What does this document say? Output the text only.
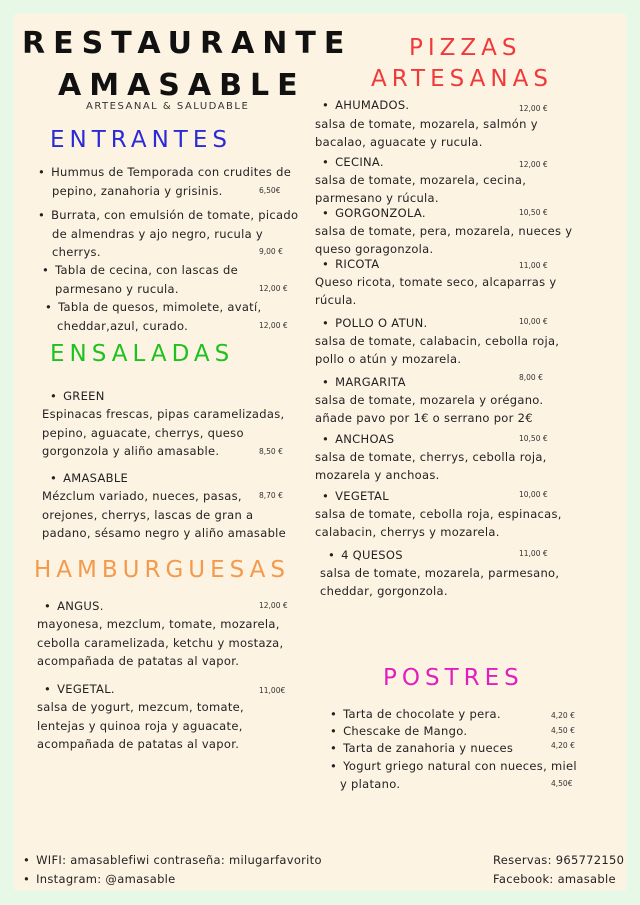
RESTAURANTE
AMASABLE
ARTESANAL & SALUDABLE
ENTRANTES
• Hummus de Temporada con crudites de
pepino, zanahoria y grisinis.	6,50€
• Burrata, con emulsión de tomate, picado
de almendras y ajo negro, rucula y
cherrys.	9,00 €
• Tabla de cecina, con lascas de
parmesano y rucula.	12,00 €
• Tabla de quesos, mimolete, avatí,
cheddar,azul, curado.	12,00 €
ENSALADAS
• GREEN
Espinacas frescas, pipas caramelizadas,
pepino, aguacate, cherrys, queso
gorgonzola y aliño amasable.	8,50 €
• AMASABLE
Mézclum variado, nueces, pasas, 8,70 €
orejones, cherrys, lascas de gran a
padano, sésamo negro y aliño amasable
HAMBURGUESAS
• ANGUS.	12,00 €
mayonesa, mezclum, tomate, mozarela,
cebolla caramelizada, ketchu y mostaza,
acompañada de patatas al vapor.
• VEGETAL.	11,00€
salsa de yogurt, mezcum, tomate,
lentejas y quinoa roja y aguacate,
acompañada de patatas al vapor.
PIZZAS
ARTESANAS
• AHUMADOS.	12,00 €
salsa de tomate, mozarela, salmón y
bacalao, aguacate y rucula.
• CECINA.	12,00 €
salsa de tomate, mozarela, cecina,
parmesano y rúcula.
• GORGONZOLA.	10,50 €
salsa de tomate, pera, mozarela, nueces y
queso goragonzola.
• RICOTA	11,00 €
Queso ricota, tomate seco, alcaparras y
rúcula.
• POLLO O ATUN.	10,00 €
salsa de tomate, calabacin, cebolla roja,
pollo o atún y mozarela.
• MARGARITA	8,00 €
salsa de tomate, mozarela y orégano.
añade pavo por 1€ o serrano por 2€
• ANCHOAS	10,50 €
salsa de tomate, cherrys, cebolla roja,
mozarela y anchoas.
• VEGETAL	10,00 €
salsa de tomate, cebolla roja, espinacas,
calabacin, cherrys y mozarela.
• 4 QUESOS	11,00 €
salsa de tomate, mozarela, parmesano,
cheddar, gorgonzola.
POSTRES
• Tarta de chocolate y pera.	4,20 €
• Chescake de Mango.	4,50 €
• Tarta de zanahoria y nueces	4,20 €
• Yogurt griego natural con nueces, miel
y platano.	4,50€
• WIFI: amasablefiwi contraseña: milugarfavorito
• Instagram: @amasable
Reservas: 965772150
Facebook: amasable
